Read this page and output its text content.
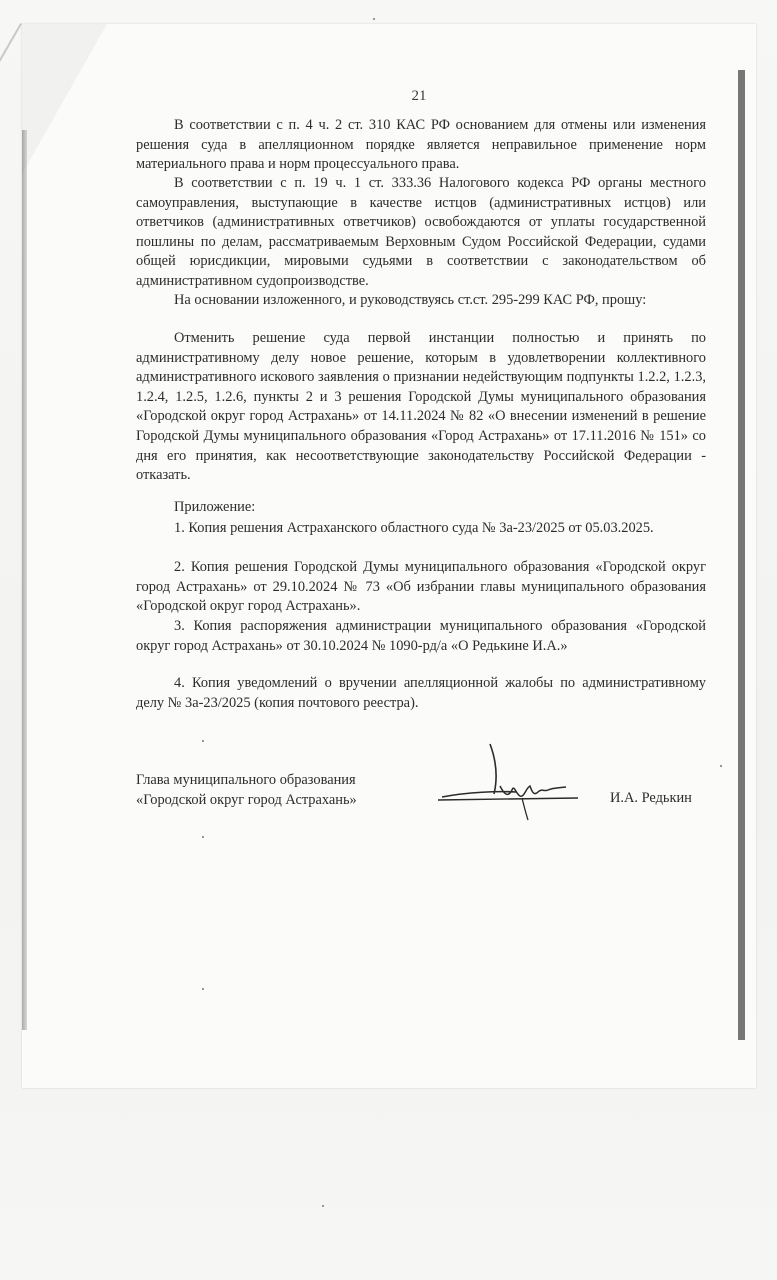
21

В соответствии с п. 4 ч. 2 ст. 310 КАС РФ основанием для отмены или изменения решения суда в апелляционном порядке является неправильное применение норм материального права и норм процессуального права.

В соответствии с п. 19 ч. 1 ст. 333.36 Налогового кодекса РФ органы местного самоуправления, выступающие в качестве истцов (административных истцов) или ответчиков (административных ответчиков) освобождаются от уплаты государственной пошлины по делам, рассматриваемым Верховным Судом Российской Федерации, судами общей юрисдикции, мировыми судьями в соответствии с законодательством об административном судопроизводстве.

На основании изложенного, и руководствуясь ст.ст. 295-299 КАС РФ, прошу:

Отменить решение суда первой инстанции полностью и принять по административному делу новое решение, которым в удовлетворении коллективного административного искового заявления о признании недействующим подпункты 1.2.2, 1.2.3, 1.2.4, 1.2.5, 1.2.6, пункты 2 и 3 решения Городской Думы муниципального образования «Городской округ город Астрахань» от 14.11.2024 № 82 «О внесении изменений в решение Городской Думы муниципального образования «Город Астрахань» от 17.11.2016 № 151» со дня его принятия, как несоответствующие законодательству Российской Федерации - отказать.

Приложение:

1. Копия решения Астраханского областного суда № 3а-23/2025 от 05.03.2025.

2. Копия решения Городской Думы муниципального образования «Городской округ город Астрахань» от 29.10.2024 № 73 «Об избрании главы муниципального образования «Городской округ город Астрахань».

3. Копия распоряжения администрации муниципального образования «Городской округ город Астрахань» от 30.10.2024 № 1090-рд/а «О Редькине И.А.»

4. Копия уведомлений о вручении апелляционной жалобы по административному делу № 3а-23/2025 (копия почтового реестра).

Глава муниципального образования
«Городской округ город Астрахань»	И.А. Редькин
